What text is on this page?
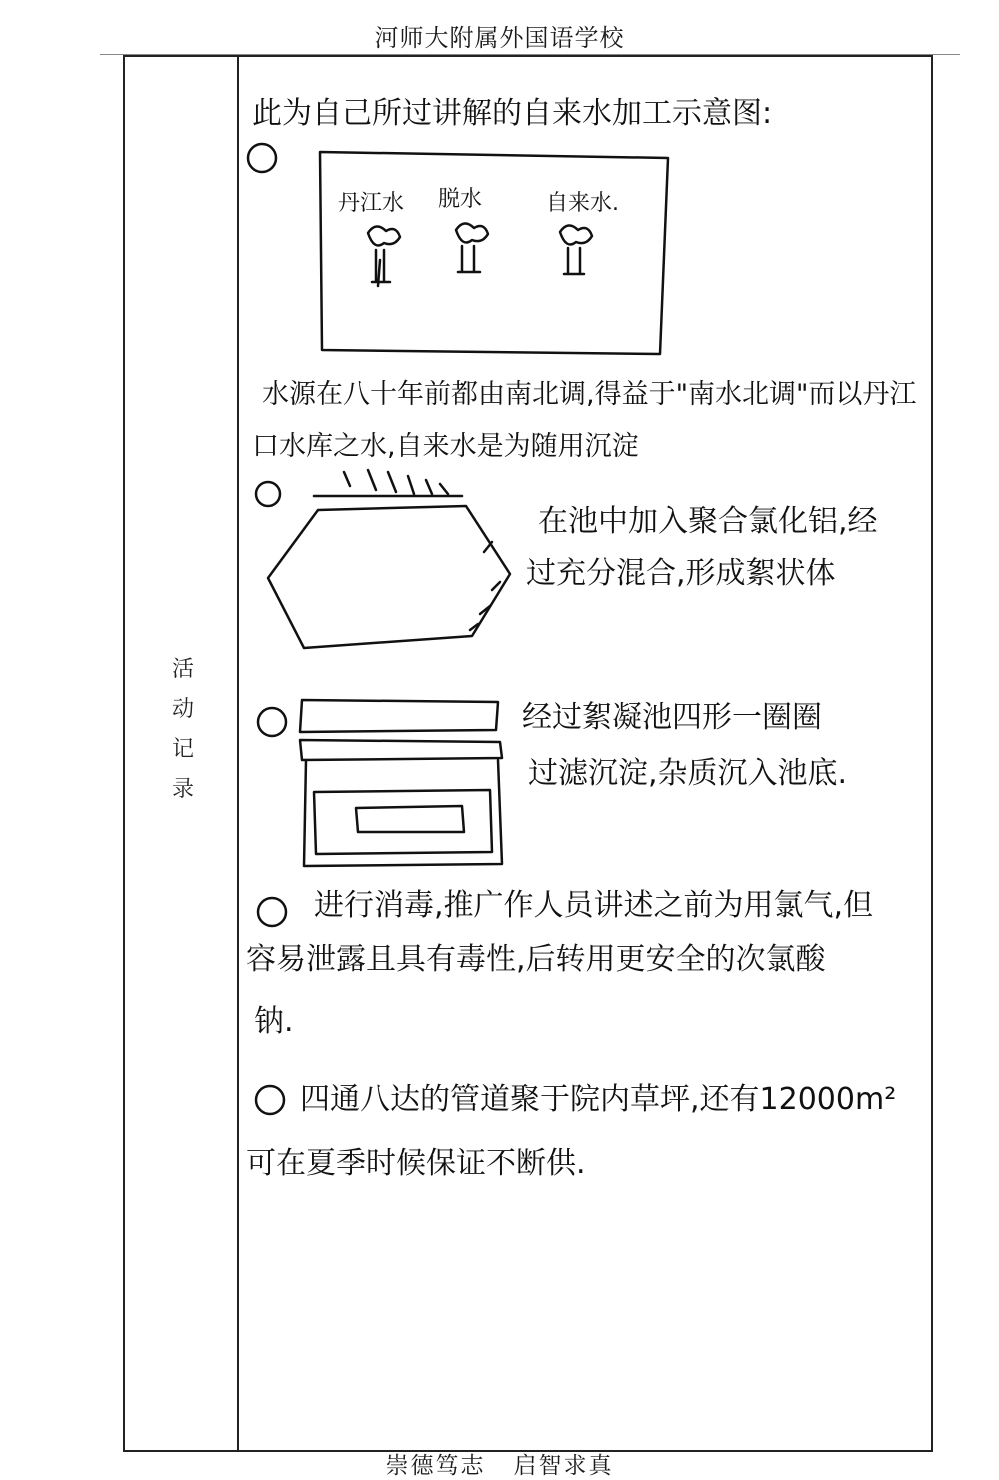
河师大附属外国语学校
活
动
记
录
此为自己所过讲解的自来水加工示意图:
丹江水 脱水	自来水.
水源在八十年前都由南北调,得益于"南水北调"而以丹江
口水库之水,自来水是为随用沉淀
在池中加入聚合氯化铝,经
过充分混合,形成絮状体
经过絮凝池四形一圈圈
过滤沉淀,杂质沉入池底.
进行消毒,推广作人员讲述之前为用氯气,但
容易泄露且具有毒性,后转用更安全的次氯酸
钠.
四通八达的管道聚于院内草坪,还有12000m²
可在夏季时候保证不断供.
崇德笃志 启智求真
